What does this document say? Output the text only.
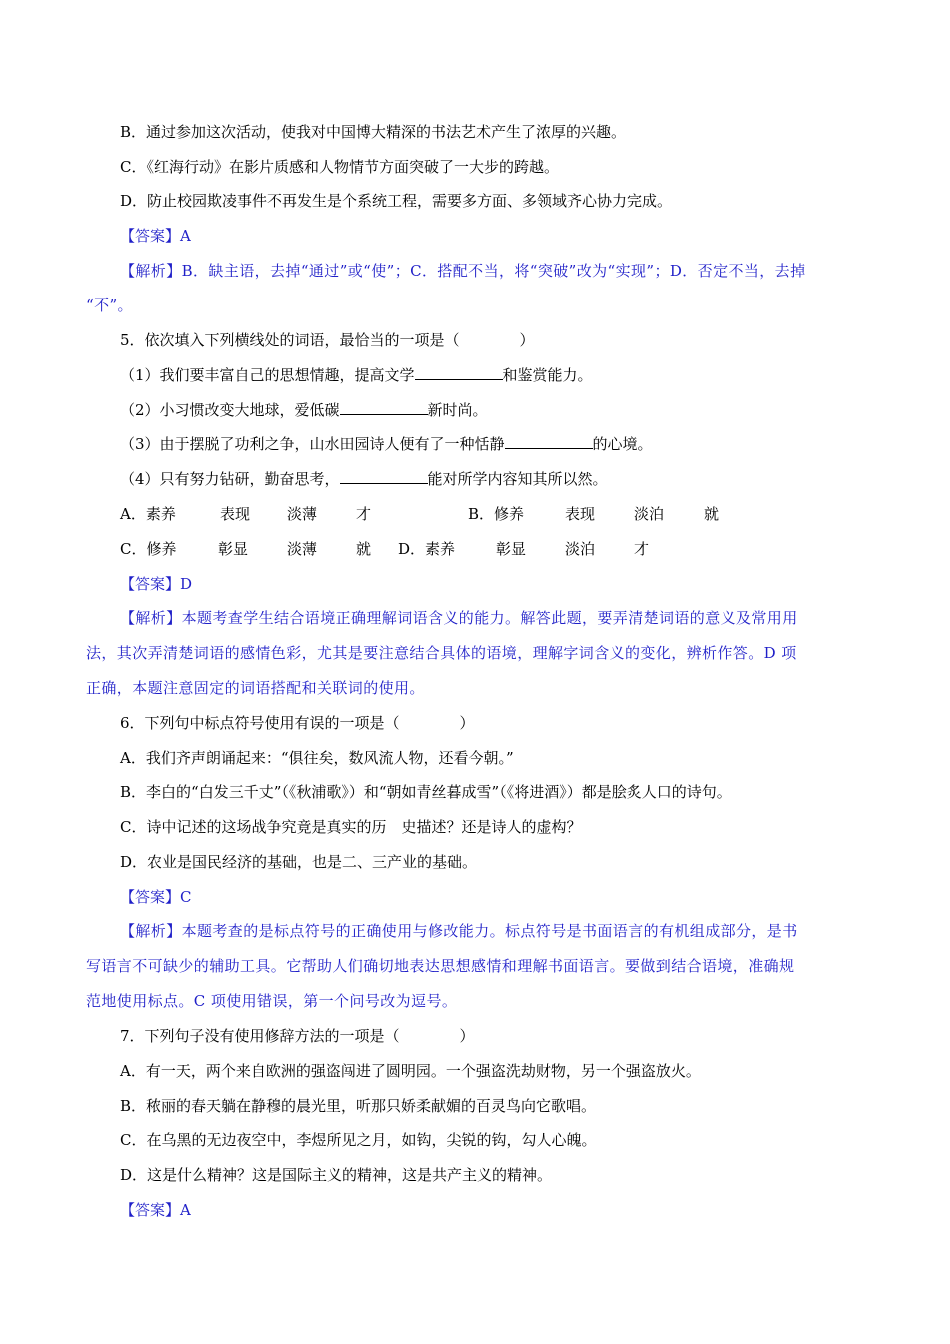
B．通过参加这次活动，使我对中国博大精深的书法艺术产生了浓厚的兴趣。
C．《红海行动》在影片质感和人物情节方面突破了一大步的跨越。
D．防止校园欺凌事件不再发生是个系统工程，需要多方面、多领域齐心协力完成。
【答案】A
【解析】B．缺主语，去掉“通过”或“使”；C．搭配不当，将“突破”改为“实现”；D．否定不当，去掉
“不”。
5．依次填入下列横线处的词语，最恰当的一项是（　　　　）
（1）我们要丰富自己的思想情趣，提高文学	和鉴赏能力。
（2）小习惯改变大地球，爱低碳	新时尚。
（3）由于摆脱了功利之争，山水田园诗人便有了一种恬静	的心境。
（4）只有努力钻研，勤奋思考，	能对所学内容知其所以然。
A．素养	表现 淡薄	才	B．修养	表现	淡泊	就
C．修养	彰显	淡薄	就 D．素养	彰显	淡泊	才
【答案】D
【解析】本题考查学生结合语境正确理解词语含义的能力。解答此题，要弄清楚词语的意义及常用用
法，其次弄清楚词语的感情色彩，尤其是要注意结合具体的语境，理解字词含义的变化，辨析作答。D 项
正确，本题注意固定的词语搭配和关联词的使用。
6．下列句中标点符号使用有误的一项是（　　　　）
A．我们齐声朗诵起来：“俱往矣，数风流人物，还看今朝。”
B．李白的“白发三千丈”（《秋浦歌》）和“朝如青丝暮成雪”（《将进酒》）都是脍炙人口的诗句。
C．诗中记述的这场战争究竟是真实的历　史描述？还是诗人的虚构？
D．农业是国民经济的基础，也是二、三产业的基础。
【答案】C
【解析】本题考查的是标点符号的正确使用与修改能力。标点符号是书面语言的有机组成部分，是书
写语言不可缺少的辅助工具。它帮助人们确切地表达思想感情和理解书面语言。要做到结合语境，准确规
范地使用标点。C 项使用错误，第一个问号改为逗号。
7．下列句子没有使用修辞方法的一项是（　　　　）
A．有一天，两个来自欧洲的强盗闯进了圆明园。一个强盗洗劫财物，另一个强盗放火。
B．秾丽的春天躺在静穆的晨光里，听那只娇柔献媚的百灵鸟向它歌唱。
C．在乌黑的无边夜空中，李煜所见之月，如钩，尖锐的钩，勾人心魄。
D．这是什么精神？这是国际主义的精神，这是共产主义的精神。
【答案】A
